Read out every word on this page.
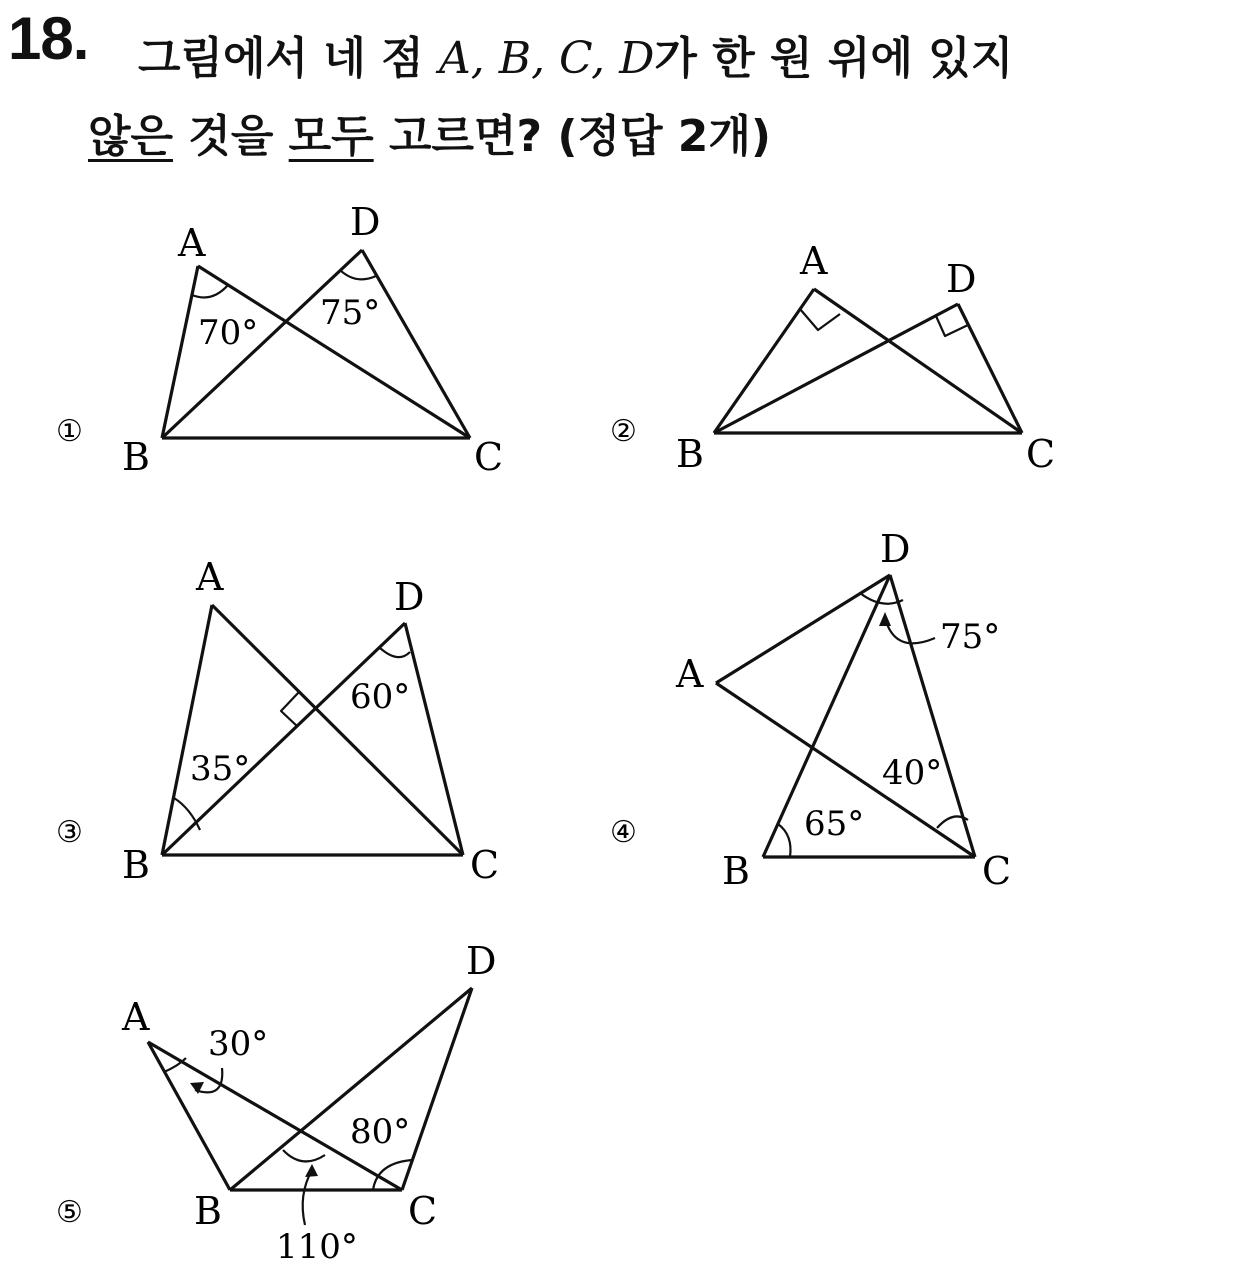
18. 그림에서 네 점 A, B, C, D가 한 원 위에 있지
않은 것을 모두 고르면? (정답 2개)
①	②
③	④
⑤
A	D
B	C
70° 75°
A	D
B	C
A	D
B	C
35°
60°
D
A
B	C
75°
40°
65°
D
A
B	C
30°
80°
110°
